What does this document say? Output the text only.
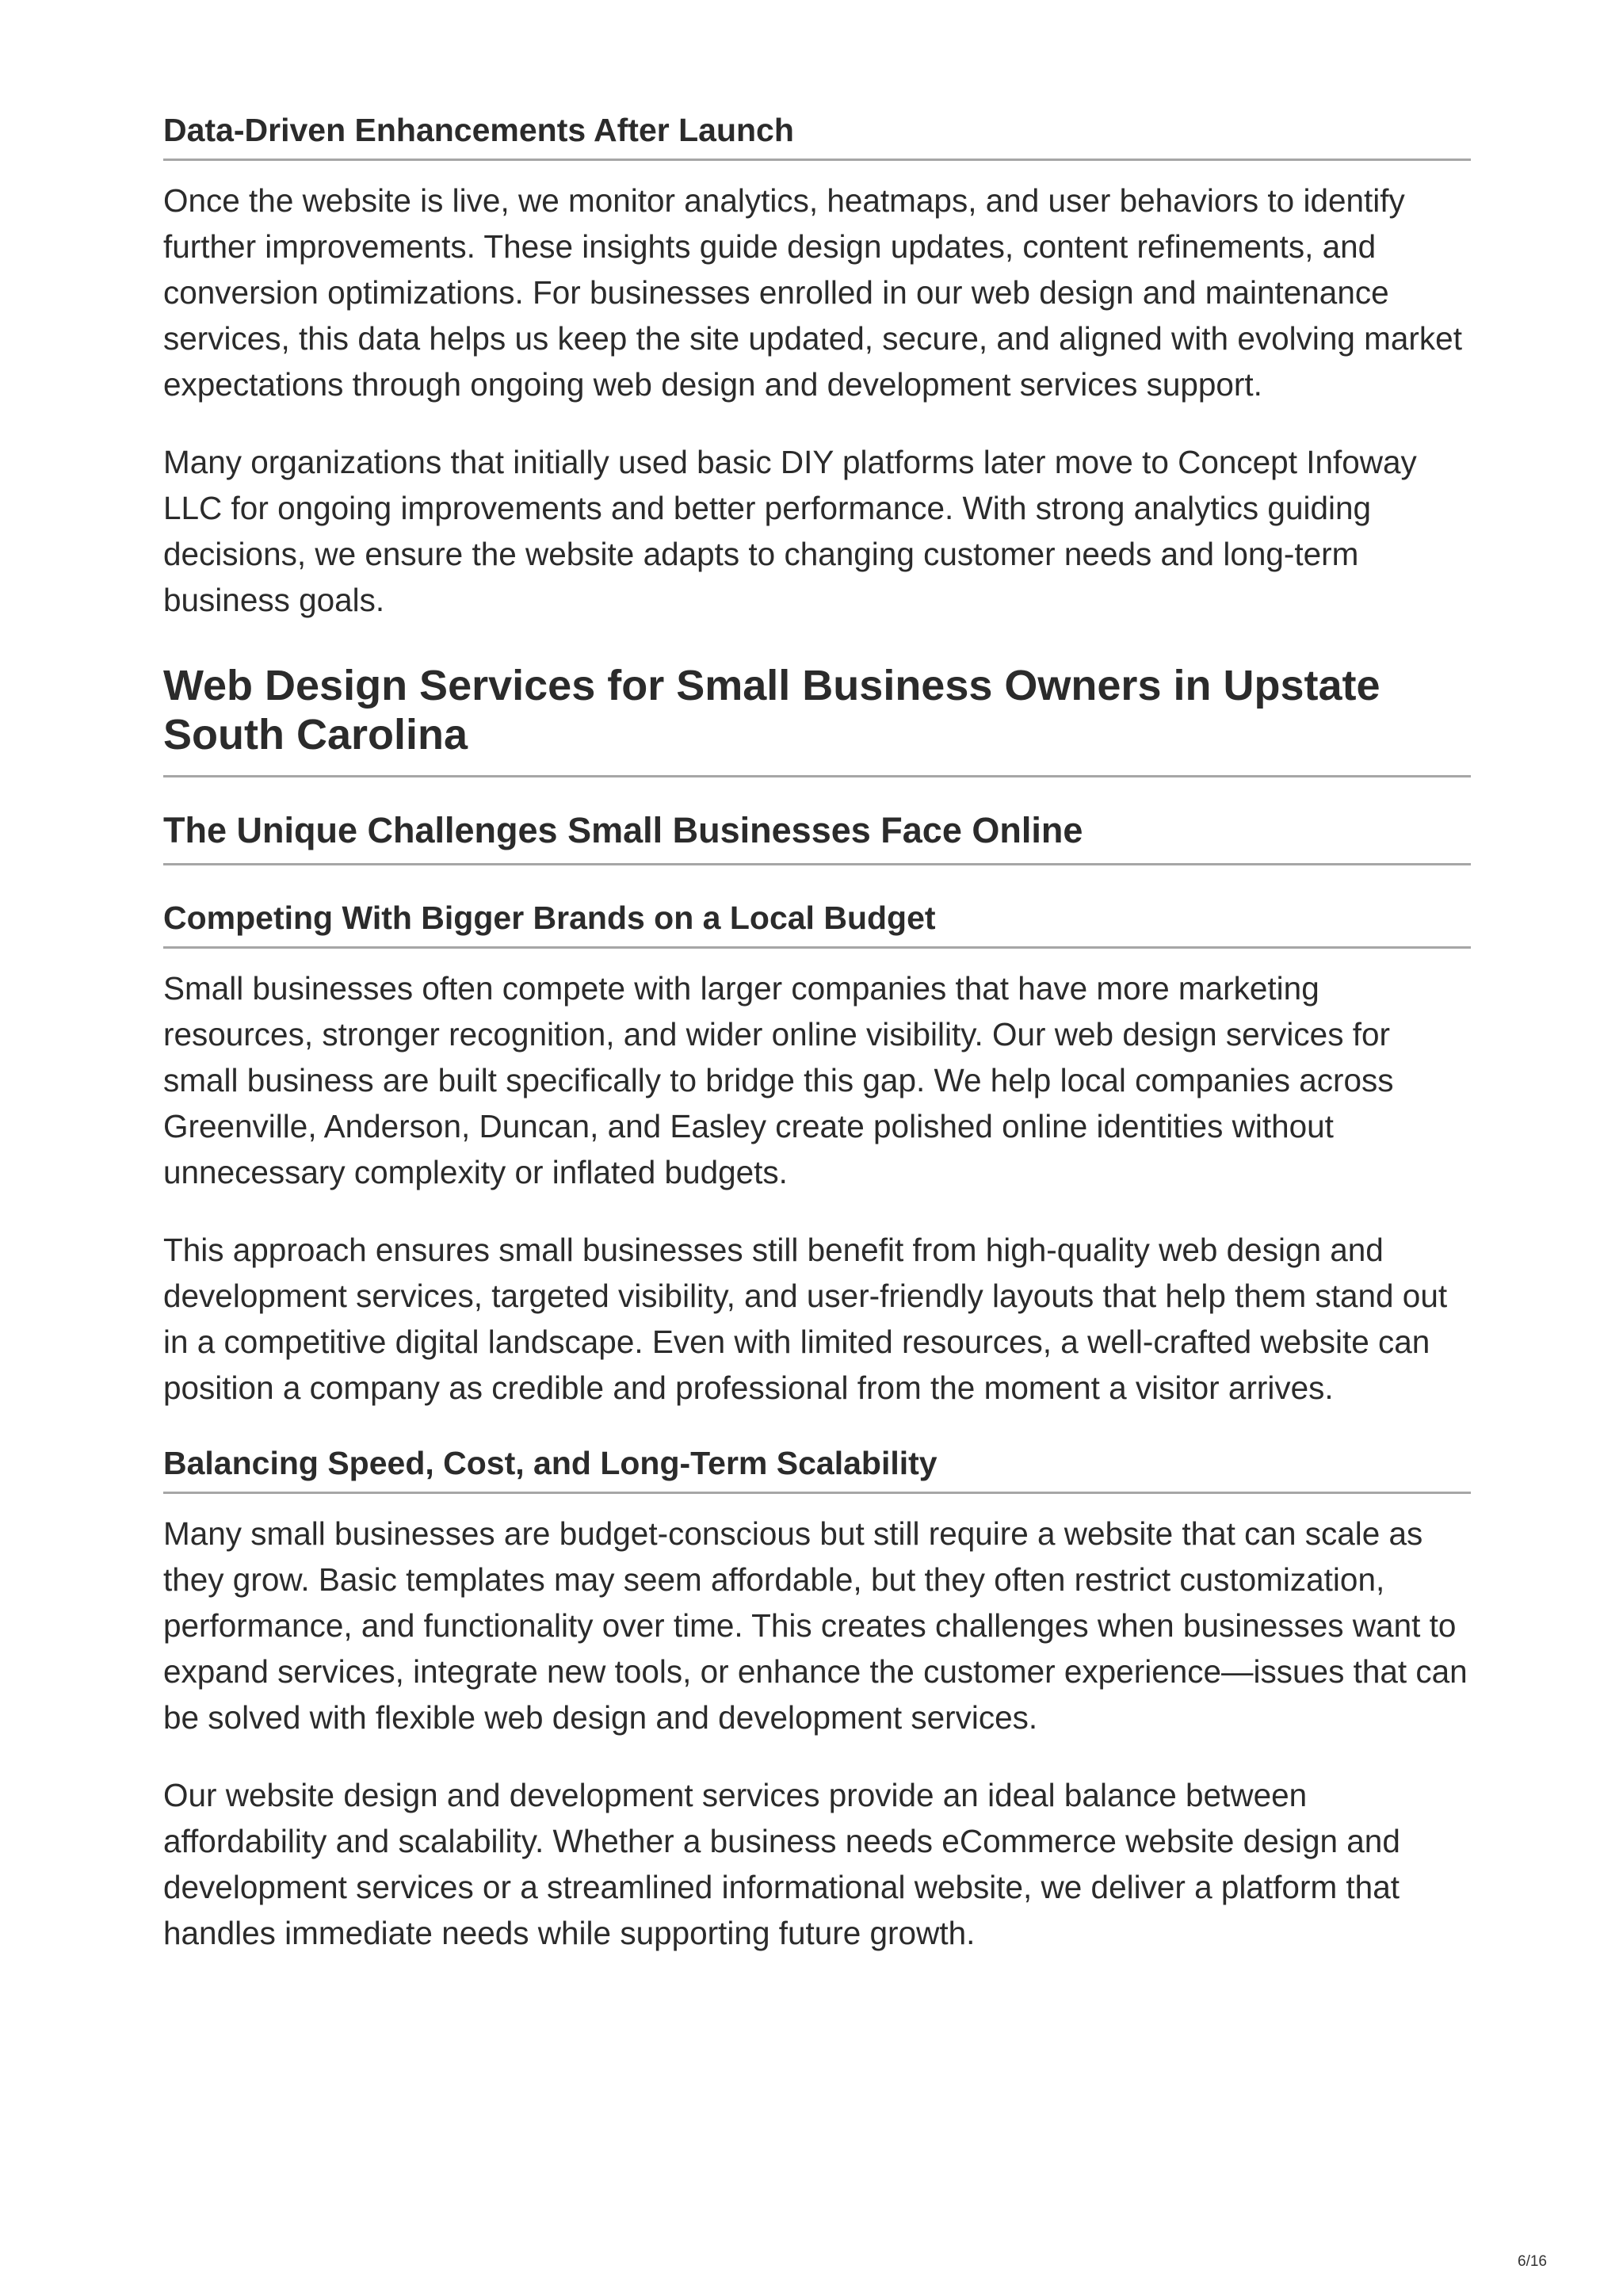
Data-Driven Enhancements After Launch

Once the website is live, we monitor analytics, heatmaps, and user behaviors to identify further improvements. These insights guide design updates, content refinements, and conversion optimizations. For businesses enrolled in our web design and maintenance services, this data helps us keep the site updated, secure, and aligned with evolving market expectations through ongoing web design and development services support.

Many organizations that initially used basic DIY platforms later move to Concept Infoway LLC for ongoing improvements and better performance. With strong analytics guiding decisions, we ensure the website adapts to changing customer needs and long-term business goals.

Web Design Services for Small Business Owners in Upstate South Carolina
The Unique Challenges Small Businesses Face Online
Competing With Bigger Brands on a Local Budget

Small businesses often compete with larger companies that have more marketing resources, stronger recognition, and wider online visibility. Our web design services for small business are built specifically to bridge this gap. We help local companies across Greenville, Anderson, Duncan, and Easley create polished online identities without unnecessary complexity or inflated budgets.

This approach ensures small businesses still benefit from high-quality web design and development services, targeted visibility, and user-friendly layouts that help them stand out in a competitive digital landscape. Even with limited resources, a well-crafted website can position a company as credible and professional from the moment a visitor arrives.

Balancing Speed, Cost, and Long-Term Scalability

Many small businesses are budget-conscious but still require a website that can scale as they grow. Basic templates may seem affordable, but they often restrict customization, performance, and functionality over time. This creates challenges when businesses want to expand services, integrate new tools, or enhance the customer experience—issues that can be solved with flexible web design and development services.

Our website design and development services provide an ideal balance between affordability and scalability. Whether a business needs eCommerce website design and development services or a streamlined informational website, we deliver a platform that handles immediate needs while supporting future growth.

6/16
